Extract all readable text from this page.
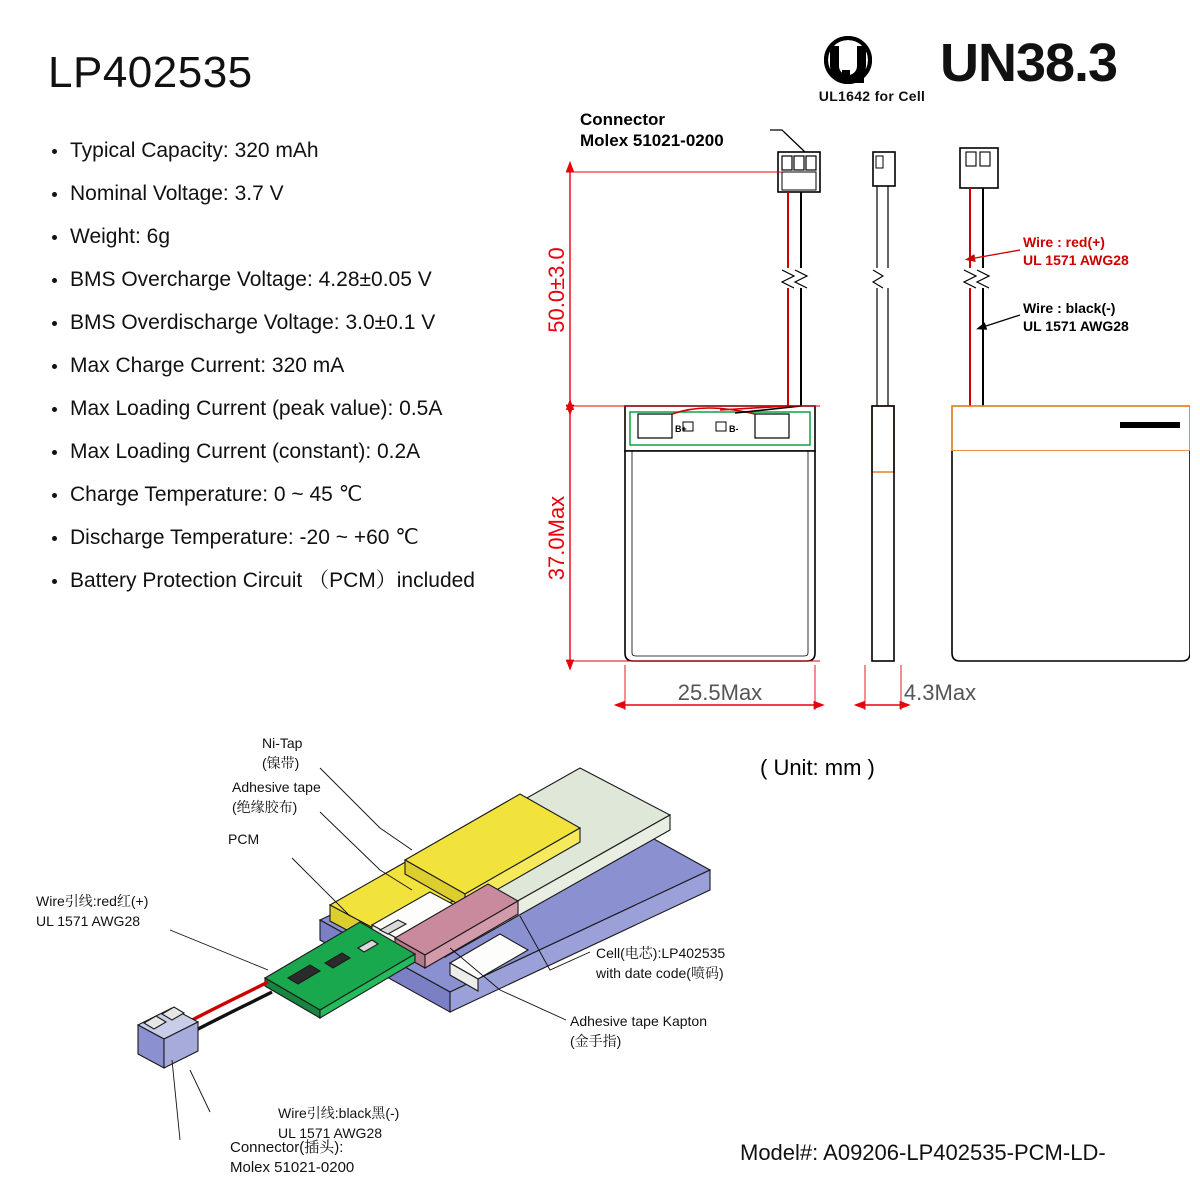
LP402535	UL1642 for Cell
UN38.3
Typical Capacity: 320 mAh
Nominal Voltage: 3.7 V
Weight: 6g
BMS Overcharge Voltage: 4.28±0.05 V
BMS Overdischarge Voltage: 3.0±0.1 V
Max Charge Current: 320 mA
Max Loading Current (peak value): 0.5A
Max Loading Current (constant): 0.2A
Charge Temperature: 0 ~ 45 ℃
Discharge Temperature: -20 ~ +60 ℃
Battery Protection Circuit （PCM）included
B+	B-
50.0±3.0
37.0Max
25.5Max	4.3Max
Connector
Molex 51021-0200
Wire : red(+)
UL 1571 AWG28
Wire : black(-)
UL 1571 AWG28
( Unit: mm )
Ni-Tap
(镍带)
Adhesive tape
(绝缘胶布)
PCM
Wire引线:red红(+)
UL 1571 AWG28
Wire引线:black黑(-)
UL 1571 AWG28
Connector(插头):
Molex 51021-0200
Cell(电芯):LP402535
with date code(喷码)
Adhesive tape Kapton
(金手指)
Model#: A09206-LP402535-PCM-LD-
